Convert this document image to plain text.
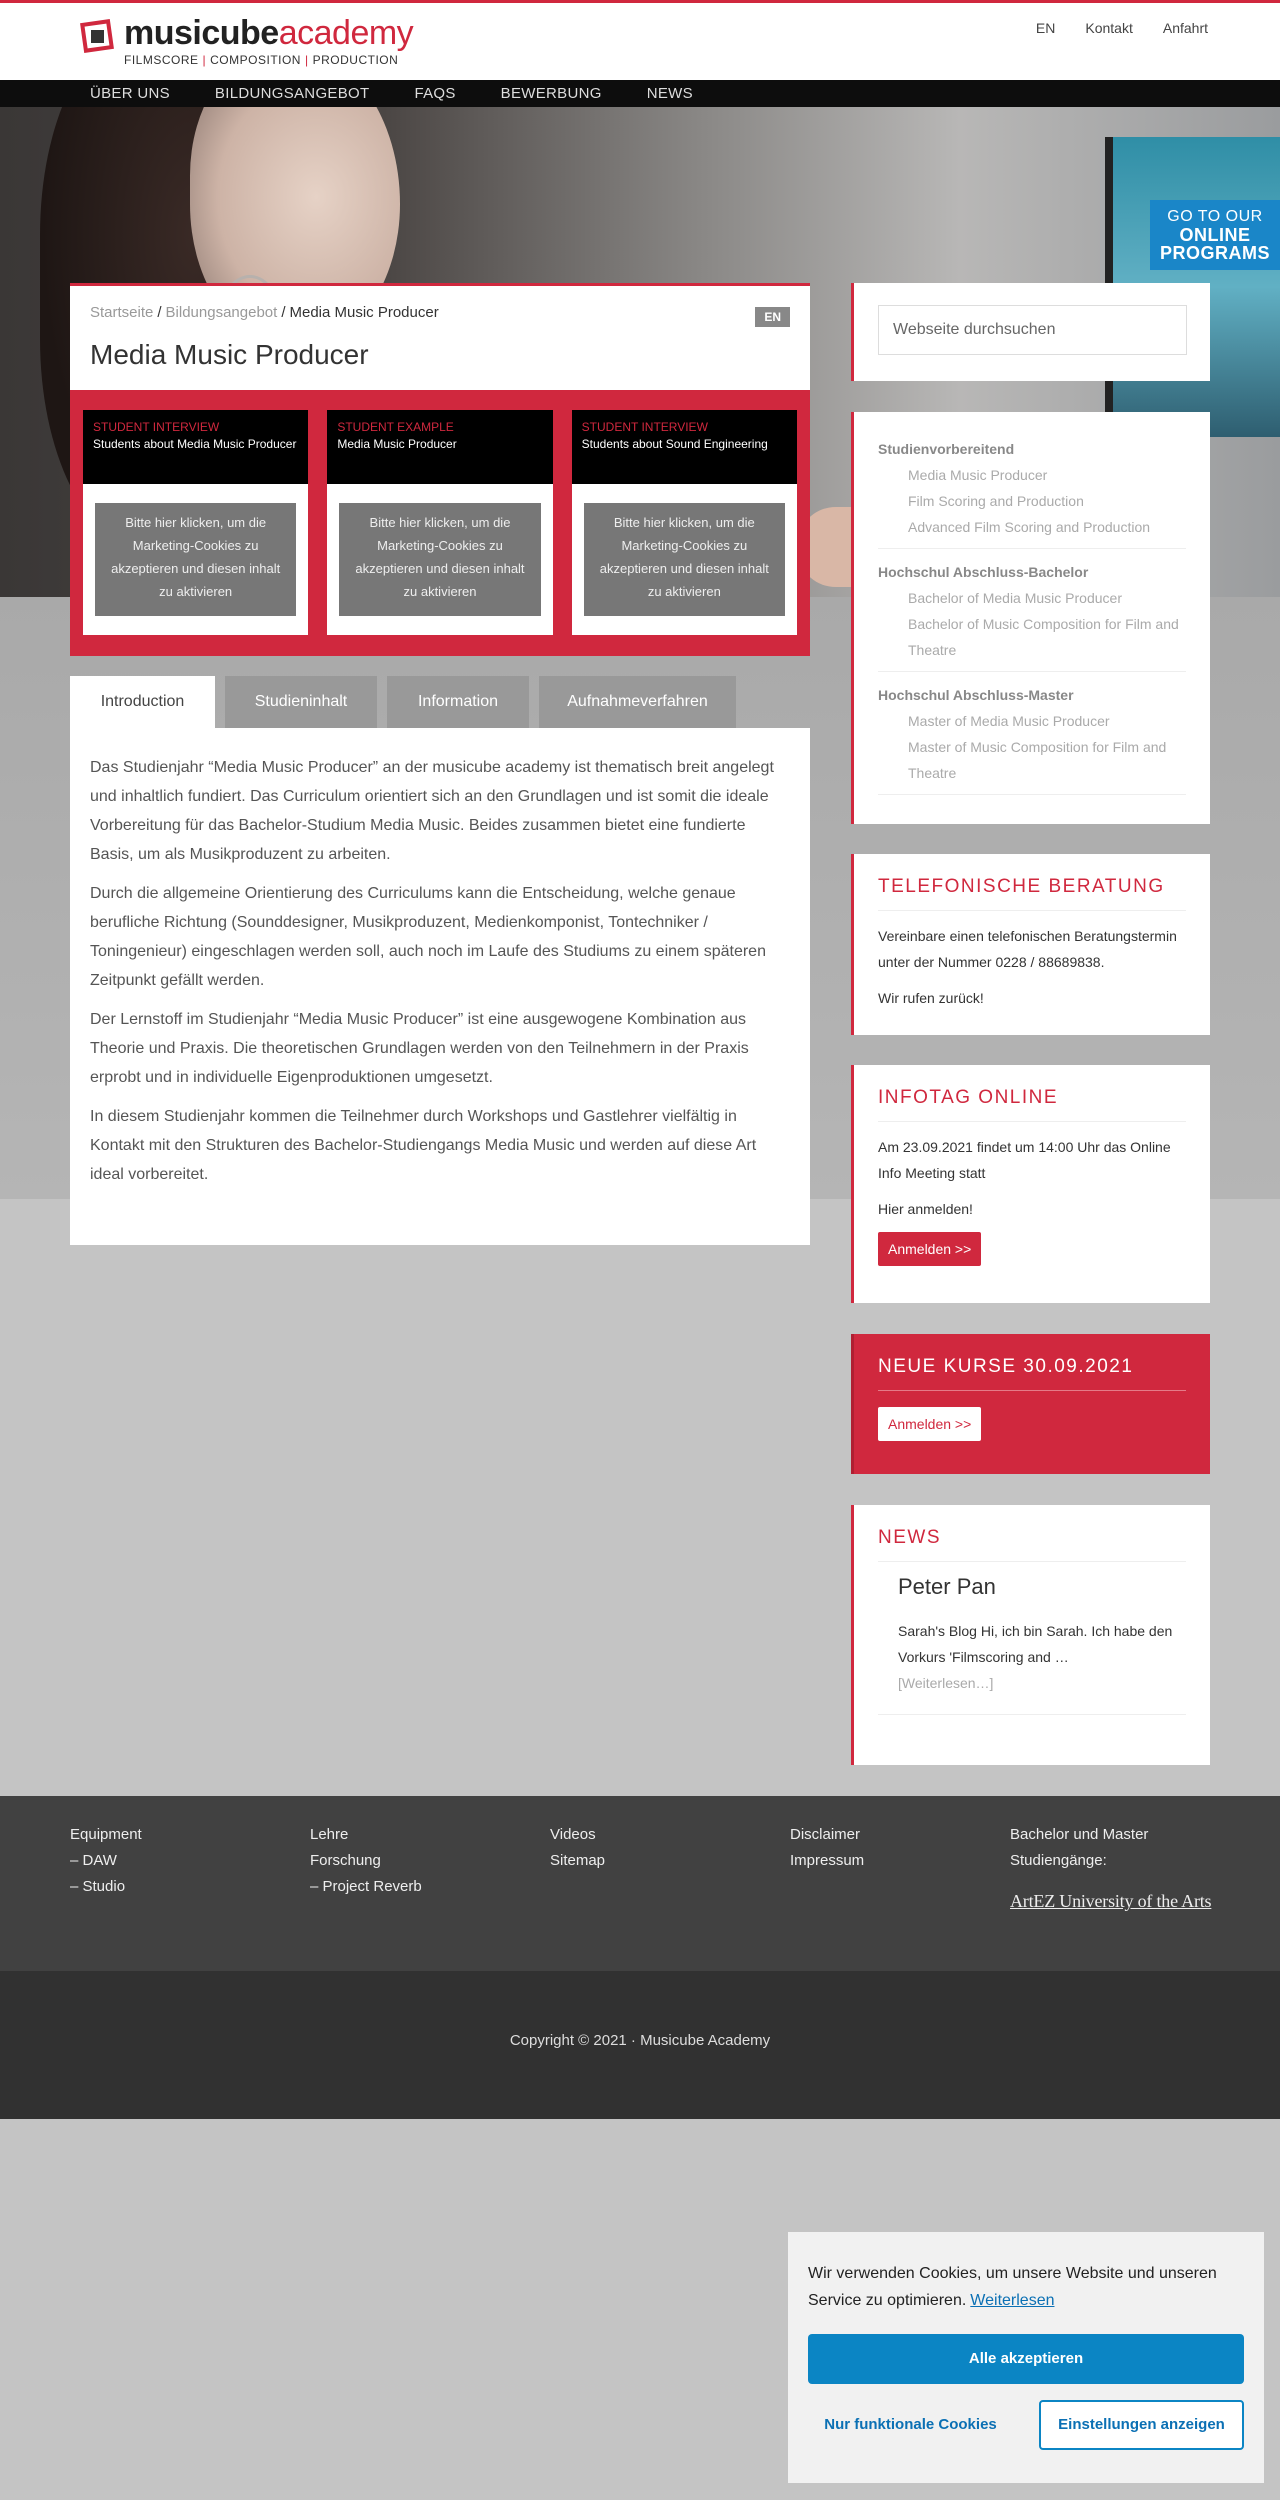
musicubeacademy
FILMSCORE | COMPOSITION | PRODUCTION
EN Kontakt Anfahrt
ÜBER UNS	BILDUNGSANGEBOT	FAQS	BEWERBUNG	NEWS
GO TO OUR
ONLINE
PROGRAMS
Startseite / Bildungsangebot / Media Music Producer	EN
Media Music Producer
STUDENT INTERVIEW
Students about Media Music Producer
Bitte hier klicken, um die Marketing-Cookies zu akzeptieren und diesen inhalt zu aktivieren
STUDENT EXAMPLE
Media Music Producer
Bitte hier klicken, um die Marketing-Cookies zu akzeptieren und diesen inhalt zu aktivieren
STUDENT INTERVIEW
Students about Sound Engineering
Bitte hier klicken, um die Marketing-Cookies zu akzeptieren und diesen inhalt zu aktivieren
Introduction	Studieninhalt	Information	Aufnahmeverfahren

Das Studienjahr “Media Music Producer” an der musicube academy ist thematisch breit angelegt und inhaltlich fundiert. Das Curriculum orientiert sich an den Grundlagen und ist somit die ideale Vorbereitung für das Bachelor-Studium Media Music. Beides zusammen bietet eine fundierte Basis, um als Musikproduzent zu arbeiten.

Durch die allgemeine Orientierung des Curriculums kann die Entscheidung, welche genaue berufliche Richtung (Sounddesigner, Musikproduzent, Medienkomponist, Tontechniker / Toningenieur) eingeschlagen werden soll, auch noch im Laufe des Studiums zu einem späteren Zeitpunkt gefällt werden.

Der Lernstoff im Studienjahr “Media Music Producer” ist eine ausgewogene Kombination aus Theorie und Praxis. Die theoretischen Grundlagen werden von den Teilnehmern in der Praxis erprobt und in individuelle Eigenproduktionen umgesetzt.

In diesem Studienjahr kommen die Teilnehmer durch Workshops und Gastlehrer vielfältig in Kontakt mit den Strukturen des Bachelor-Studiengangs Media Music und werden auf diese Art ideal vorbereitet.

Webseite durchsuchen
Studienvorbereitend
Media Music Producer
Film Scoring and Production
Advanced Film Scoring and Production
Hochschul Abschluss-Bachelor
Bachelor of Media Music Producer
Bachelor of Music Composition for Film and Theatre
Hochschul Abschluss-Master
Master of Media Music Producer
Master of Music Composition for Film and Theatre
TELEFONISCHE BERATUNG
Vereinbare einen telefonischen Beratungstermin unter der Nummer 0228 / 88689838.
Wir rufen zurück!
INFOTAG ONLINE
Am 23.09.2021 findet um 14:00 Uhr das Online Info Meeting statt
Hier anmelden!
Anmelden >>
NEUE KURSE 30.09.2021
Anmelden >>
NEWS
Peter Pan
Sarah's Blog Hi, ich bin Sarah. Ich habe den Vorkurs 'Filmscoring and …
[Weiterlesen…]
Equipment
– DAW
– Studio
Lehre
Forschung
– Project Reverb
Videos
Sitemap
Disclaimer
Impressum
Bachelor und Master
Studiengänge:
ArtEZ University of the Arts
Copyright © 2021 · Musicube Academy
Wir verwenden Cookies, um unsere Website und unseren Service zu optimieren. Weiterlesen
Alle akzeptieren
Nur funktionale Cookies	Einstellungen anzeigen
